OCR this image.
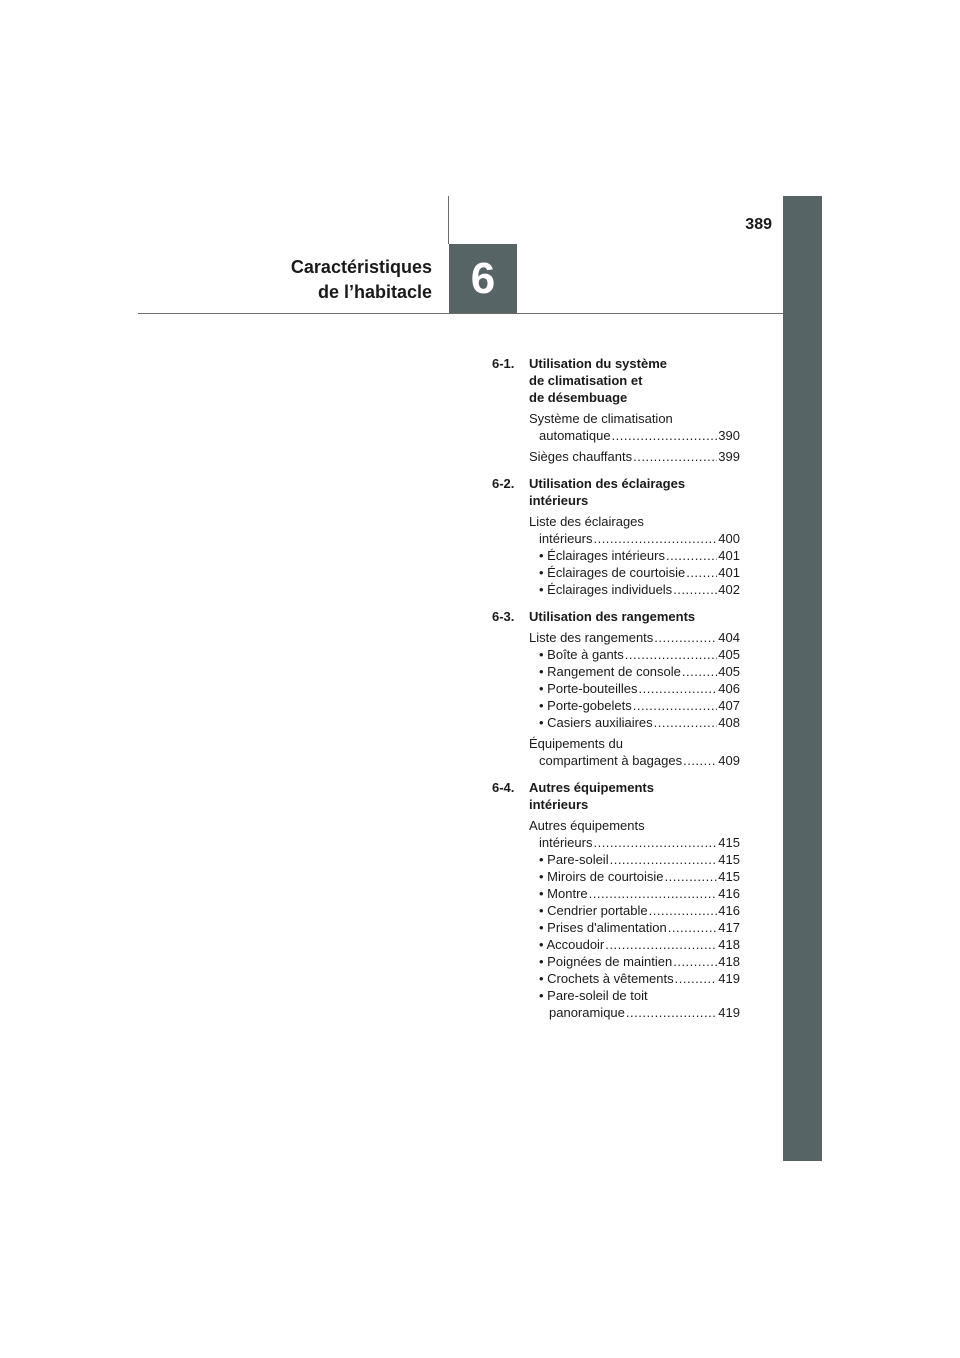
6
389
Caractéristiques
de l’habitacle
6-1.	Utilisation du système
de climatisation et
de désembuage
Système de climatisation
automatique .....	390
Sièges chauffants .....	399
6-2.	Utilisation des éclairages
intérieurs
Liste des éclairages
intérieurs .....	400
• Éclairages intérieurs .....	401
• Éclairages de courtoisie .....	401
• Éclairages individuels .....	402
6-3.	Utilisation des rangements
Liste des rangements .....	404
• Boîte à gants .....	405
• Rangement de console .....	405
• Porte-bouteilles .....	406
• Porte-gobelets .....	407
• Casiers auxiliaires .....	408
Équipements du
compartiment à bagages .....	409
6-4.	Autres équipements
intérieurs
Autres équipements
intérieurs .....	415
• Pare-soleil .....	415
• Miroirs de courtoisie .....	415
• Montre .....	416
• Cendrier portable .....	416
• Prises d'alimentation .....	417
• Accoudoir .....	418
• Poignées de maintien .....	418
• Crochets à vêtements .....	419
• Pare-soleil de toit
panoramique .....	419
